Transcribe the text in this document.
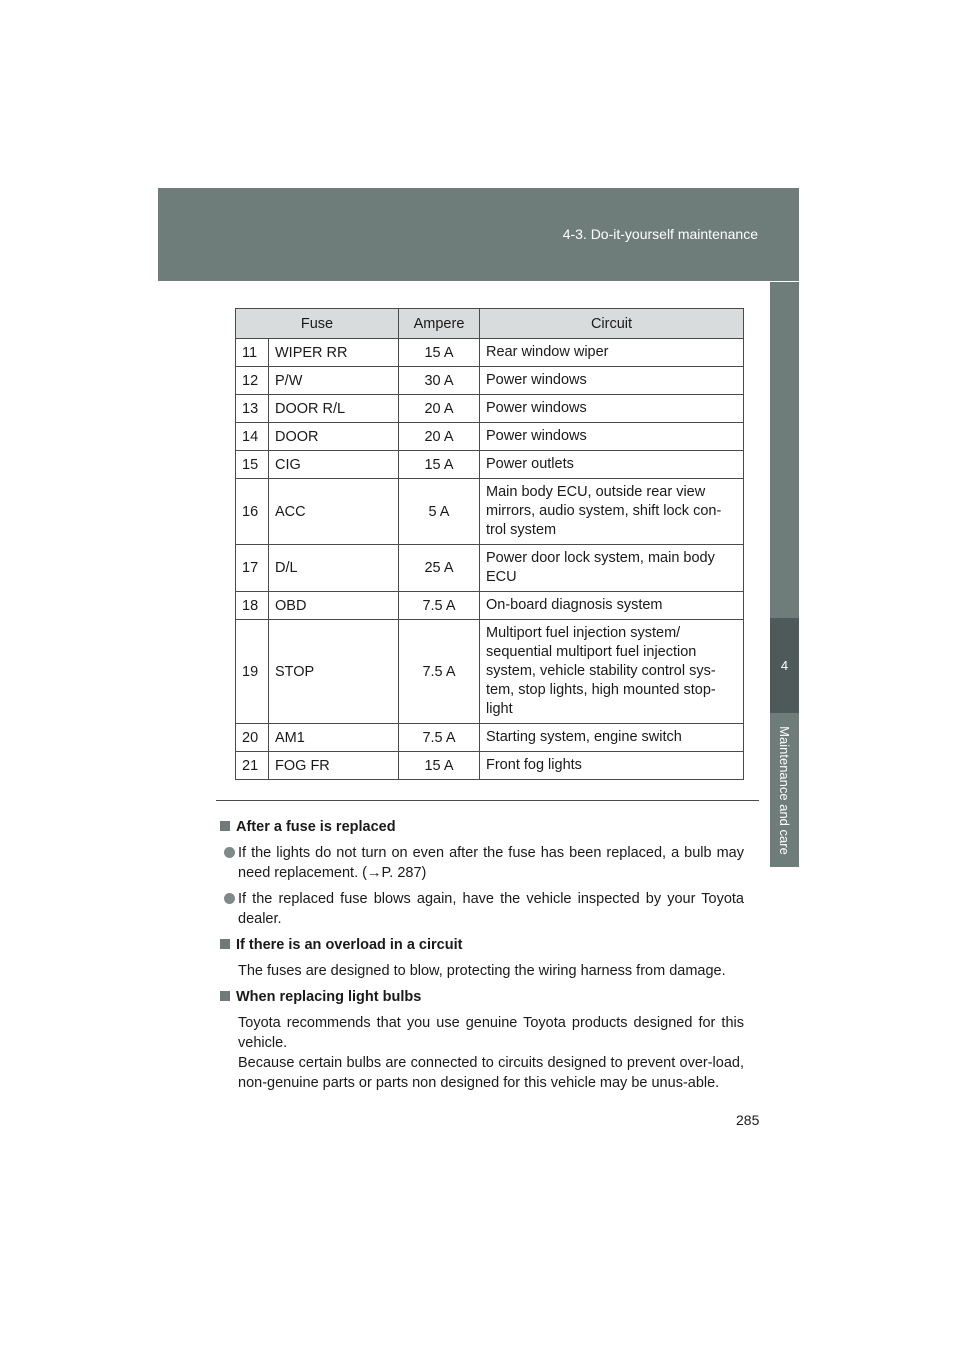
4-3. Do-it-yourself maintenance
4
Maintenance and care
Fuse		Ampere	Circuit
11	WIPER RR	15 A	Rear window wiper
12	P/W	30 A	Power windows
13	DOOR R/L	20 A	Power windows
14	DOOR	20 A	Power windows
15	CIG	15 A	Power outlets
16	ACC	5 A	Main body ECU, outside rear view mirrors, audio system, shift lock con-trol system
17	D/L	25 A	Power door lock system, main body ECU
18	OBD	7.5 A	On-board diagnosis system
19	STOP	7.5 A	Multiport fuel injection system/ sequential multiport fuel injection system, vehicle stability control sys-tem, stop lights, high mounted stop-light
20	AM1	7.5 A	Starting system, engine switch
21	FOG FR	15 A	Front fog lights
After a fuse is replaced
If the lights do not turn on even after the fuse has been replaced, a bulb may need replacement. (→P. 287)
If the replaced fuse blows again, have the vehicle inspected by your Toyota dealer.
If there is an overload in a circuit
The fuses are designed to blow, protecting the wiring harness from damage.
When replacing light bulbs
Toyota recommends that you use genuine Toyota products designed for this vehicle.
Because certain bulbs are connected to circuits designed to prevent over-load, non-genuine parts or parts non designed for this vehicle may be unus-able.
285
